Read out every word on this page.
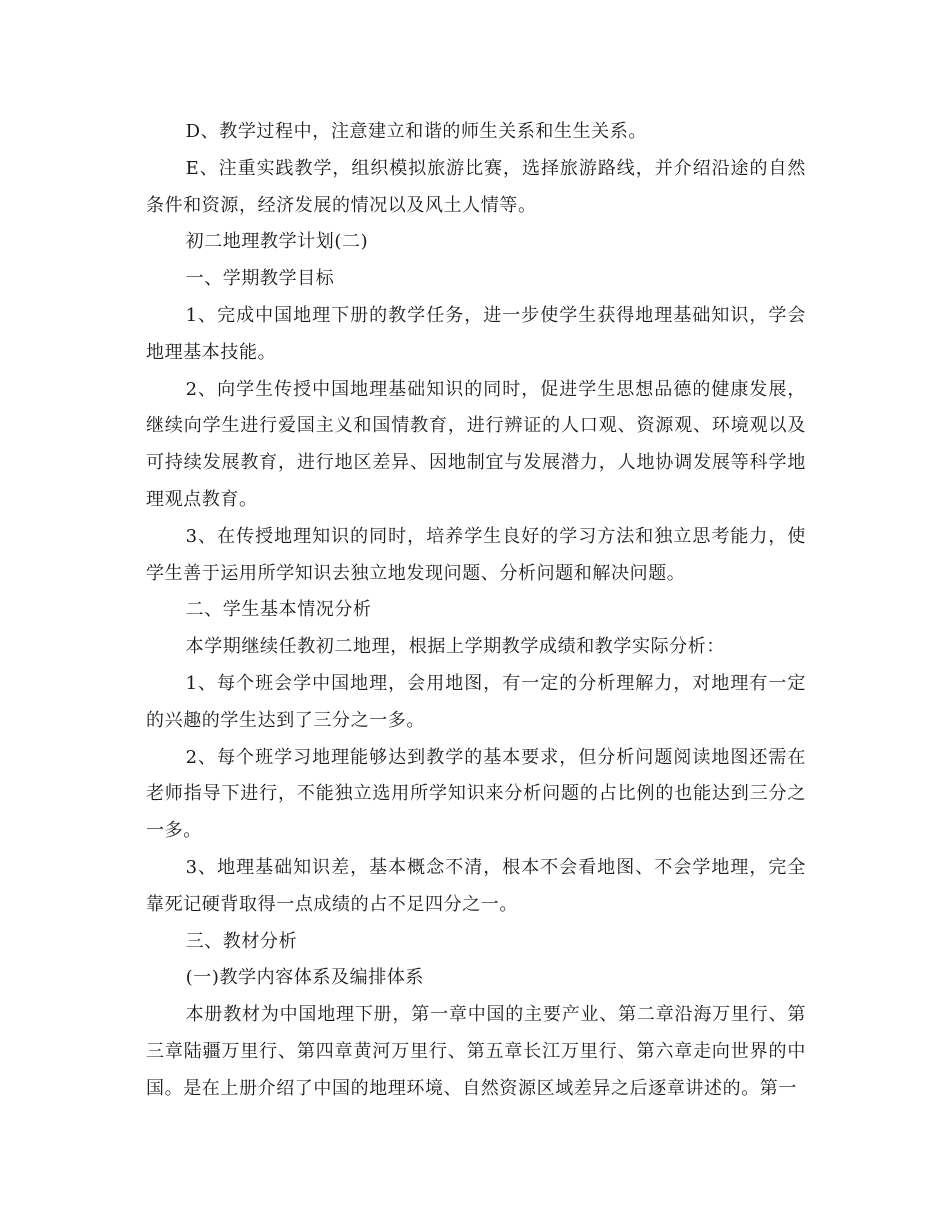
D、教学过程中，注意建立和谐的师生关系和生生关系。

E、注重实践教学，组织模拟旅游比赛，选择旅游路线，并介绍沿途的自然条件和资源，经济发展的情况以及风土人情等。

初二地理教学计划(二)

一、学期教学目标

1、完成中国地理下册的教学任务，进一步使学生获得地理基础知识，学会地理基本技能。

2、向学生传授中国地理基础知识的同时，促进学生思想品德的健康发展，继续向学生进行爱国主义和国情教育，进行辨证的人口观、资源观、环境观以及可持续发展教育，进行地区差异、因地制宜与发展潜力，人地协调发展等科学地理观点教育。

3、在传授地理知识的同时，培养学生良好的学习方法和独立思考能力，使学生善于运用所学知识去独立地发现问题、分析问题和解决问题。

二、学生基本情况分析

本学期继续任教初二地理，根据上学期教学成绩和教学实际分析：

1、每个班会学中国地理，会用地图，有一定的分析理解力，对地理有一定的兴趣的学生达到了三分之一多。

2、每个班学习地理能够达到教学的基本要求，但分析问题阅读地图还需在老师指导下进行，不能独立选用所学知识来分析问题的占比例的也能达到三分之一多。

3、地理基础知识差，基本概念不清，根本不会看地图、不会学地理，完全靠死记硬背取得一点成绩的占不足四分之一。

三、教材分析

(一)教学内容体系及编排体系

本册教材为中国地理下册，第一章中国的主要产业、第二章沿海万里行、第三章陆疆万里行、第四章黄河万里行、第五章长江万里行、第六章走向世界的中国。是在上册介绍了中国的地理环境、自然资源区域差异之后逐章讲述的。第一
